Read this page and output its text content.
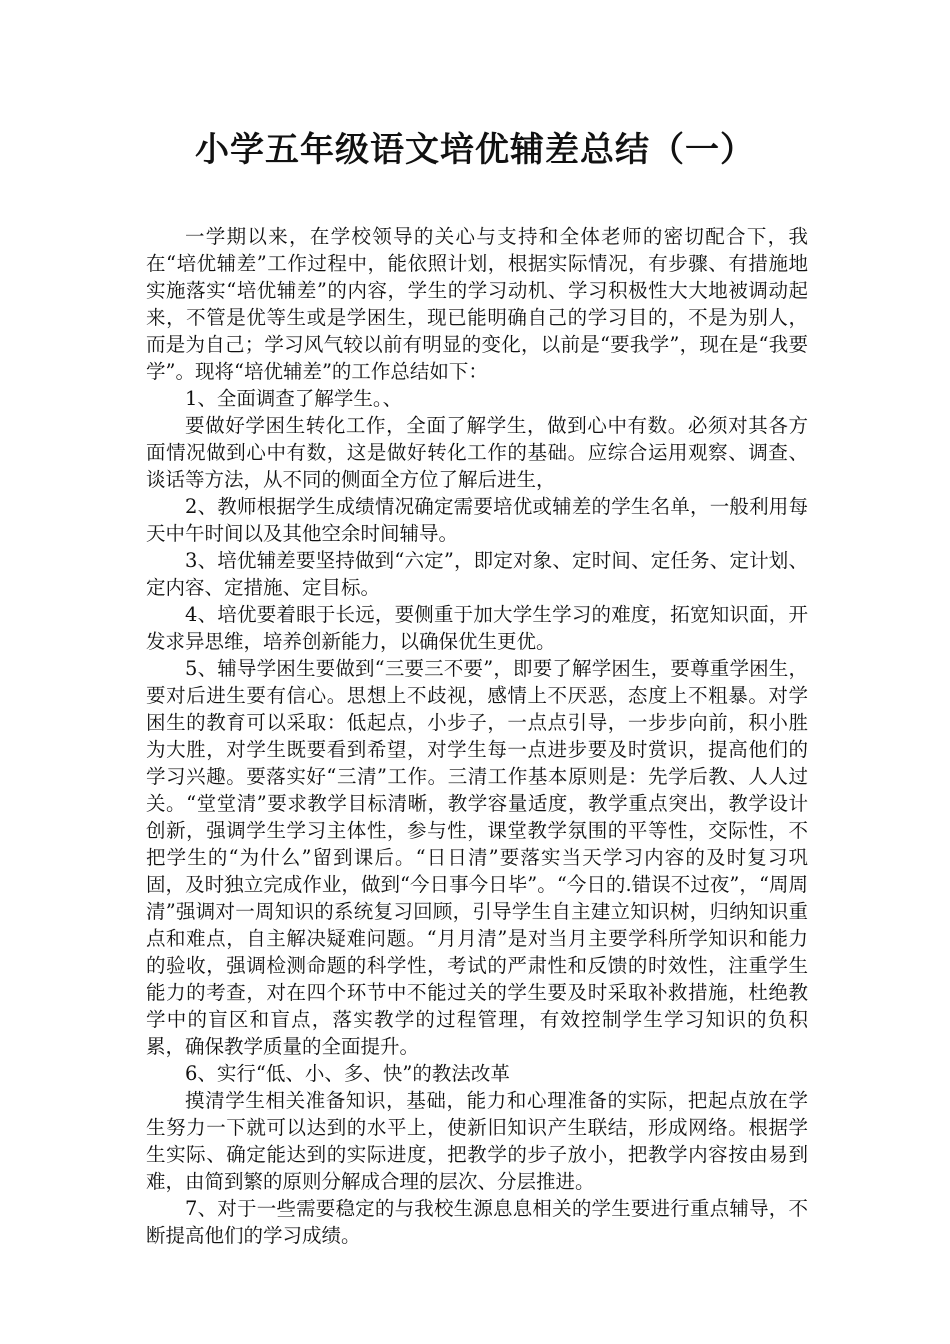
小学五年级语文培优辅差总结（一）

一学期以来，在学校领导的关心与支持和全体老师的密切配合下，我在“培优辅差”工作过程中，能依照计划，根据实际情况，有步骤、有措施地实施落实“培优辅差”的内容，学生的学习动机、学习积极性大大地被调动起来，不管是优等生或是学困生，现已能明确自己的学习目的，不是为别人，而是为自己；学习风气较以前有明显的变化，以前是“要我学”，现在是“我要学”。现将“培优辅差”的工作总结如下：

1、全面调查了解学生。、

要做好学困生转化工作，全面了解学生，做到心中有数。必须对其各方面情况做到心中有数，这是做好转化工作的基础。应综合运用观察、调查、谈话等方法，从不同的侧面全方位了解后进生，

2、教师根据学生成绩情况确定需要培优或辅差的学生名单，一般利用每天中午时间以及其他空余时间辅导。

3、培优辅差要坚持做到“六定”，即定对象、定时间、定任务、定计划、定内容、定措施、定目标。

4、培优要着眼于长远，要侧重于加大学生学习的难度，拓宽知识面，开发求异思维，培养创新能力，以确保优生更优。

5、辅导学困生要做到“三要三不要”，即要了解学困生，要尊重学困生，要对后进生要有信心。思想上不歧视，感情上不厌恶，态度上不粗暴。对学困生的教育可以采取：低起点，小步子，一点点引导，一步步向前，积小胜为大胜，对学生既要看到希望，对学生每一点进步要及时赏识，提高他们的学习兴趣。要落实好“三清”工作。三清工作基本原则是：先学后教、人人过关。“堂堂清”要求教学目标清晰，教学容量适度，教学重点突出，教学设计创新，强调学生学习主体性，参与性，课堂教学氛围的平等性，交际性，不把学生的“为什么”留到课后。“日日清”要落实当天学习内容的及时复习巩固，及时独立完成作业，做到“今日事今日毕”。“今日的.错误不过夜”，“周周清”强调对一周知识的系统复习回顾，引导学生自主建立知识树，归纳知识重点和难点，自主解决疑难问题。“月月清”是对当月主要学科所学知识和能力的验收，强调检测命题的科学性，考试的严肃性和反馈的时效性，注重学生能力的考查，对在四个环节中不能过关的学生要及时采取补救措施，杜绝教学中的盲区和盲点，落实教学的过程管理，有效控制学生学习知识的负积累，确保教学质量的全面提升。

6、实行“低、小、多、快”的教法改革

摸清学生相关准备知识，基础，能力和心理准备的实际，把起点放在学生努力一下就可以达到的水平上，使新旧知识产生联结，形成网络。根据学生实际、确定能达到的实际进度，把教学的步子放小，把教学内容按由易到难，由简到繁的原则分解成合理的层次、分层推进。

7、对于一些需要稳定的与我校生源息息相关的学生要进行重点辅导，不断提高他们的学习成绩。
